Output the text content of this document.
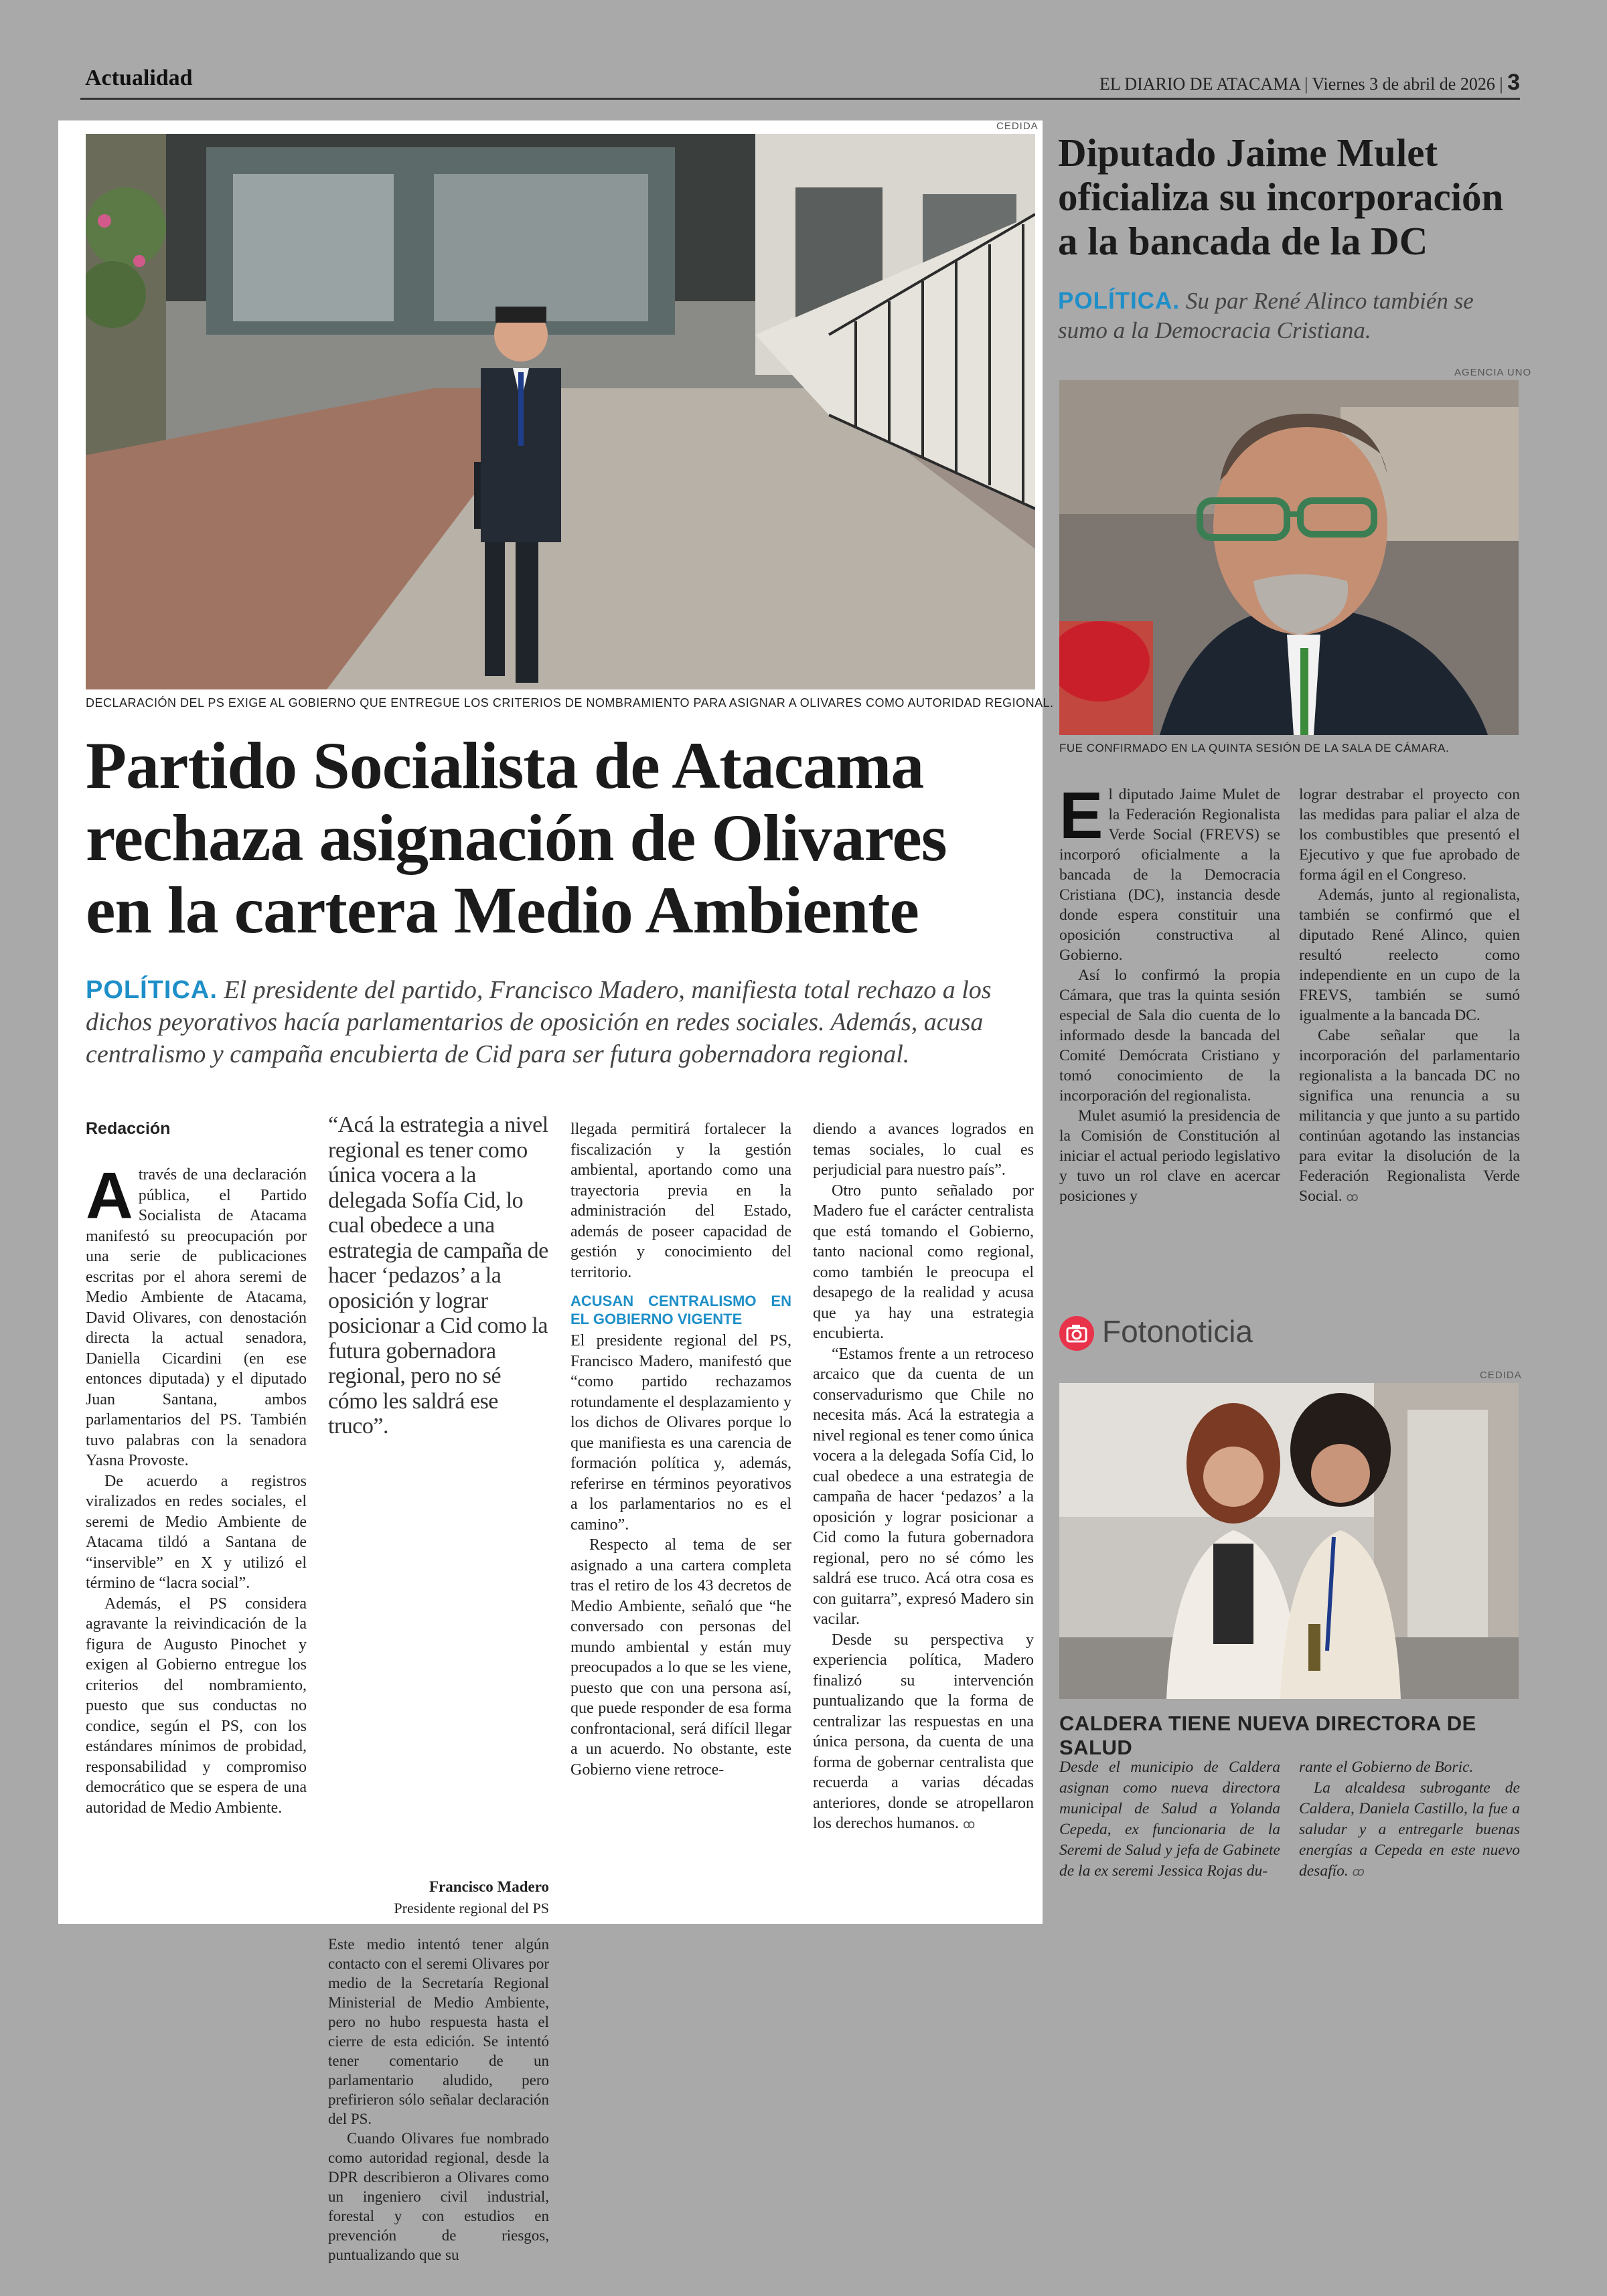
Actualidad	EL DIARIO DE ATACAMA | Viernes 3 de abril de 2026 | 3
CEDIDA
DECLARACIÓN DEL PS EXIGE AL GOBIERNO QUE ENTREGUE LOS CRITERIOS DE NOMBRAMIENTO PARA ASIGNAR A OLIVARES COMO AUTORIDAD REGIONAL.
Partido Socialista de Atacama rechaza asignación de Olivares en la cartera Medio Ambiente
POLÍTICA. El presidente del partido, Francisco Madero, manifiesta total rechazo a los dichos peyorativos hacía parlamentarios de oposición en redes sociales. Además, acusa centralismo y campaña encubierta de Cid para ser futura gobernadora regional.
Redacción

Através de una declaración pública, el Partido Socialista de Atacama manifestó su preocupación por una serie de publicaciones escritas por el ahora seremi de Medio Ambiente de Atacama, David Olivares, con denostación directa la actual senadora, Daniella Cicardini (en ese entonces diputada) y el diputado Juan Santana, ambos parlamentarios del PS. También tuvo palabras con la senadora Yasna Provoste.

De acuerdo a registros viralizados en redes sociales, el seremi de Medio Ambiente de Atacama tildó a Santana de “inservible” en X y utilizó el término de “lacra social”.

Además, el PS considera agravante la reivindicación de la figura de Augusto Pinochet y exigen al Gobierno entregue los criterios del nombramiento, puesto que sus conductas no condice, según el PS, con los estándares mínimos de probidad, responsabilidad y compromiso democrático que se espera de una autoridad de Medio Ambiente.

“Acá la estrategia a nivel regional es tener como única vocera a la delegada Sofía Cid, lo cual obedece a una estrategia de campaña de hacer ‘pedazos’ a la oposición y lograr posicionar a Cid como la futura gobernadora regional, pero no sé cómo les saldrá ese truco”.
Francisco Madero
Presidente regional del PS

Este medio intentó tener algún contacto con el seremi Olivares por medio de la Secretaría Regional Ministerial de Medio Ambiente, pero no hubo respuesta hasta el cierre de esta edición. Se intentó tener comentario de un parlamentario aludido, pero prefirieron sólo señalar declaración del PS.

Cuando Olivares fue nombrado como autoridad regional, desde la DPR describieron a Olivares como un ingeniero civil industrial, forestal y con estudios en prevención de riesgos, puntualizando que su

llegada permitirá fortalecer la fiscalización y la gestión ambiental, aportando como una trayectoria previa en la administración del Estado, además de poseer capacidad de gestión y conocimiento del territorio.

ACUSAN CENTRALISMO EN EL GOBIERNO VIGENTE

El presidente regional del PS, Francisco Madero, manifestó que “como partido rechazamos rotundamente el desplazamiento y los dichos de Olivares porque lo que manifiesta es una carencia de formación política y, además, referirse en términos peyorativos a los parlamentarios no es el camino”.

Respecto al tema de ser asignado a una cartera completa tras el retiro de los 43 decretos de Medio Ambiente, señaló que “he conversado con personas del mundo ambiental y están muy preocupados a lo que se les viene, puesto que con una persona así, que puede responder de esa forma confrontacional, será difícil llegar a un acuerdo. No obstante, este Gobierno viene retroce-

diendo a avances logrados en temas sociales, lo cual es perjudicial para nuestro país”.

Otro punto señalado por Madero fue el carácter centralista que está tomando el Gobierno, tanto nacional como regional, como también le preocupa el desapego de la realidad y acusa que ya hay una estrategia encubierta.

“Estamos frente a un retroceso arcaico que da cuenta de un conservadurismo que Chile no necesita más. Acá la estrategia a nivel regional es tener como única vocera a la delegada Sofía Cid, lo cual obedece a una estrategia de campaña de hacer ‘pedazos’ a la oposición y lograr posicionar a Cid como la futura gobernadora regional, pero no sé cómo les saldrá ese truco. Acá otra cosa es con guitarra”, expresó Madero sin vacilar.

Desde su perspectiva y experiencia política, Madero finalizó su intervención puntualizando que la forma de centralizar las respuestas en una única persona, da cuenta de una forma de gobernar centralista que recuerda a varias décadas anteriores, donde se atropellaron los derechos humanos. ꝏ

Diputado Jaime Mulet oficializa su incorporación a la bancada de la DC
POLÍTICA. Su par René Alinco también se sumo a la Democracia Cristiana.
AGENCIA UNO
FUE CONFIRMADO EN LA QUINTA SESIÓN DE LA SALA DE CÁMARA.

El diputado Jaime Mulet de la Federación Regionalista Verde Social (FREVS) se incorporó oficialmente a la bancada de la Democracia Cristiana (DC), instancia desde donde espera constituir una oposición constructiva al Gobierno.

Así lo confirmó la propia Cámara, que tras la quinta sesión especial de Sala dio cuenta de lo informado desde la bancada del Comité Demócrata Cristiano y tomó conocimiento de la incorporación del regionalista.

Mulet asumió la presidencia de la Comisión de Constitución al iniciar el actual periodo legislativo y tuvo un rol clave en acercar posiciones y

lograr destrabar el proyecto con las medidas para paliar el alza de los combustibles que presentó el Ejecutivo y que fue aprobado de forma ágil en el Congreso.

Además, junto al regionalista, también se confirmó que el diputado René Alinco, quien resultó reelecto como independiente en un cupo de la FREVS, también se sumó igualmente a la bancada DC.

Cabe señalar que la incorporación del parlamentario regionalista a la bancada DC no significa una renuncia a su militancia y que junto a su partido continúan agotando las instancias para evitar la disolución de la Federación Regionalista Verde Social. ꝏ

Fotonoticia
CEDIDA
CALDERA TIENE NUEVA DIRECTORA DE SALUD

Desde el municipio de Caldera asignan como nueva directora municipal de Salud a Yolanda Cepeda, ex funcionaria de la Seremi de Salud y jefa de Gabinete de la ex seremi Jessica Rojas du-

rante el Gobierno de Boric.

La alcaldesa subrogante de Caldera, Daniela Castillo, la fue a saludar y a entregarle buenas energías a Cepeda en este nuevo desafío. ꝏ
